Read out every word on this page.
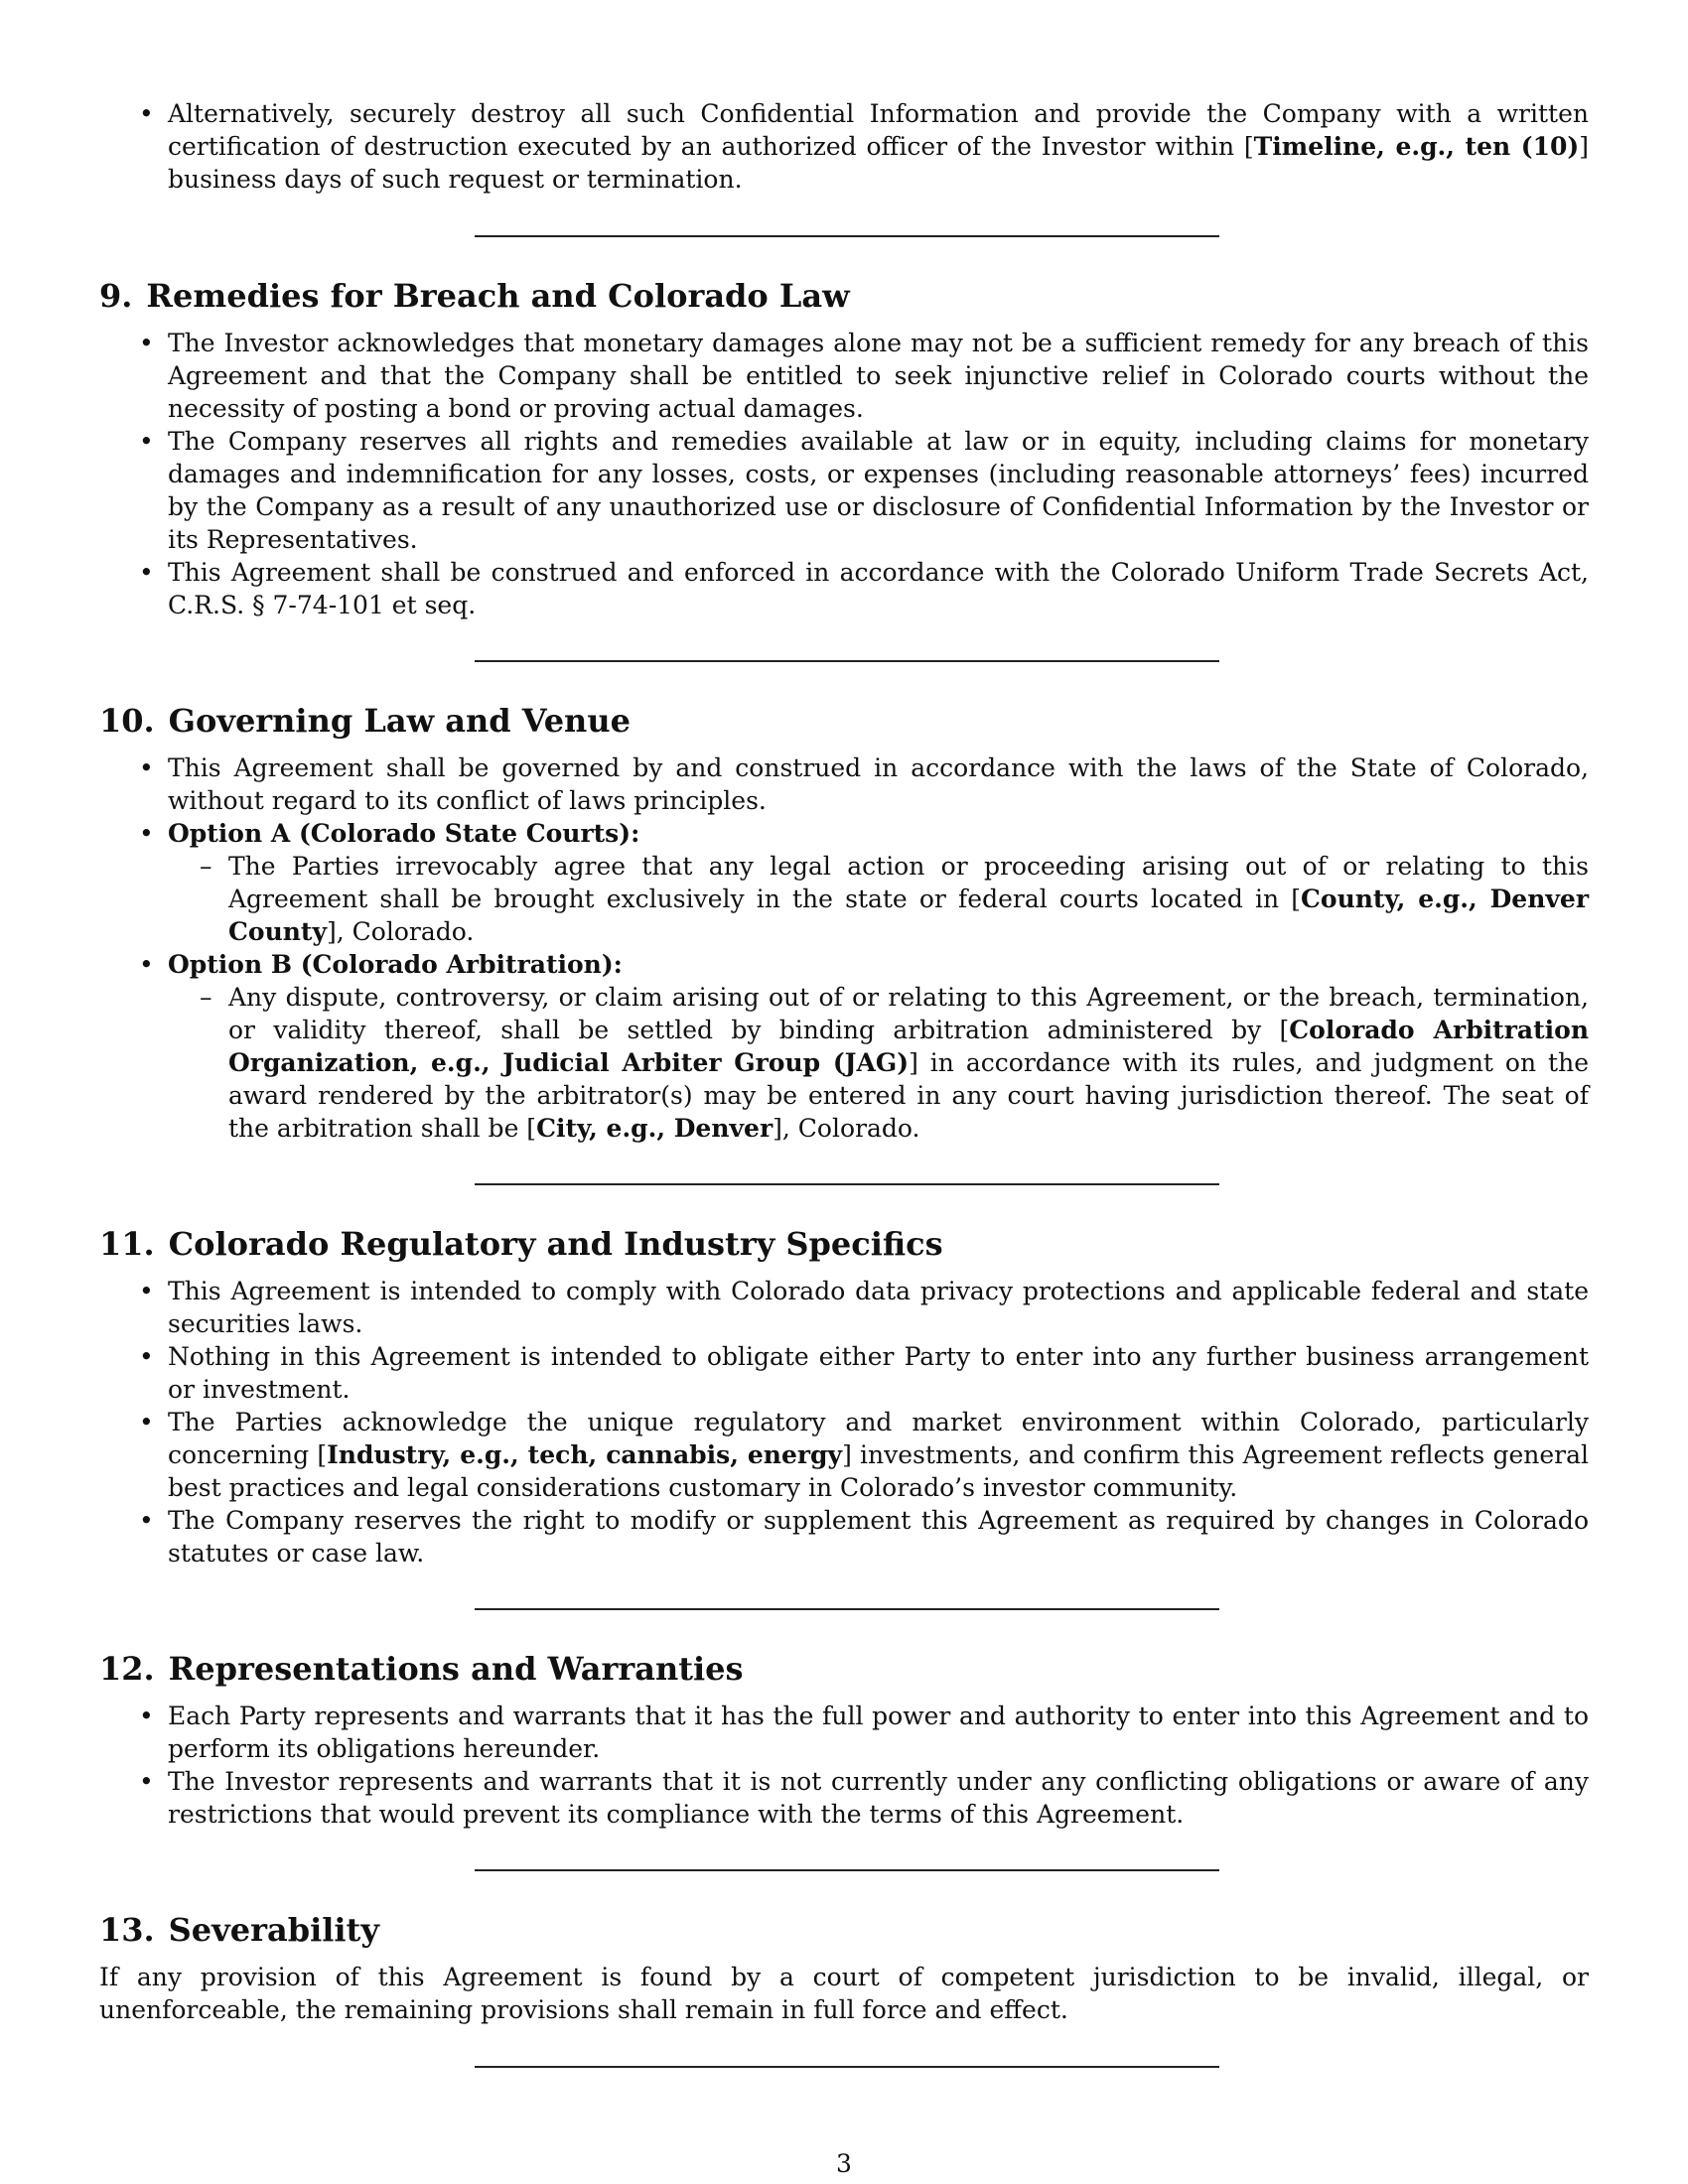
• Alternatively, securely destroy all such Confidential Information and provide the Company with a written certification of destruction executed by an authorized officer of the Investor within [Timeline, e.g., ten (10)] business days of such request or termination.
9. Remedies for Breach and Colorado Law
• The Investor acknowledges that monetary damages alone may not be a sufficient remedy for any breach of this Agreement and that the Company shall be entitled to seek injunctive relief in Colorado courts without the necessity of posting a bond or proving actual damages.
• The Company reserves all rights and remedies available at law or in equity, including claims for monetary damages and indemnification for any losses, costs, or expenses (including reasonable attorneys’ fees) incurred by the Company as a result of any unauthorized use or disclosure of Confidential Information by the Investor or its Representatives.
• This Agreement shall be construed and enforced in accordance with the Colorado Uniform Trade Secrets Act, C.R.S. § 7-74-101 et seq.
10. Governing Law and Venue
• This Agreement shall be governed by and construed in accordance with the laws of the State of Colorado, without regard to its conflict of laws principles.
• Option A (Colorado State Courts):
– The Parties irrevocably agree that any legal action or proceeding arising out of or relating to this Agreement shall be brought exclusively in the state or federal courts located in [County, e.g., Denver County], Colorado.
• Option B (Colorado Arbitration):
– Any dispute, controversy, or claim arising out of or relating to this Agreement, or the breach, termination, or validity thereof, shall be settled by binding arbitration administered by [Colorado Arbitration Organization, e.g., Judicial Arbiter Group (JAG)] in accordance with its rules, and judgment on the award rendered by the arbitrator(s) may be entered in any court having jurisdiction thereof. The seat of the arbitration shall be [City, e.g., Denver], Colorado.
11. Colorado Regulatory and Industry Specifics
• This Agreement is intended to comply with Colorado data privacy protections and applicable federal and state securities laws.
• Nothing in this Agreement is intended to obligate either Party to enter into any further business arrangement or investment.
• The Parties acknowledge the unique regulatory and market environment within Colorado, particularly concerning [Industry, e.g., tech, cannabis, energy] investments, and confirm this Agreement reflects general best practices and legal considerations customary in Colorado’s investor community.
• The Company reserves the right to modify or supplement this Agreement as required by changes in Colorado statutes or case law.
12. Representations and Warranties
• Each Party represents and warrants that it has the full power and authority to enter into this Agreement and to perform its obligations hereunder.
• The Investor represents and warrants that it is not currently under any conflicting obligations or aware of any restrictions that would prevent its compliance with the terms of this Agreement.
13. Severability

If any provision of this Agreement is found by a court of competent jurisdiction to be invalid, illegal, or unenforceable, the remaining provisions shall remain in full force and effect.

3
